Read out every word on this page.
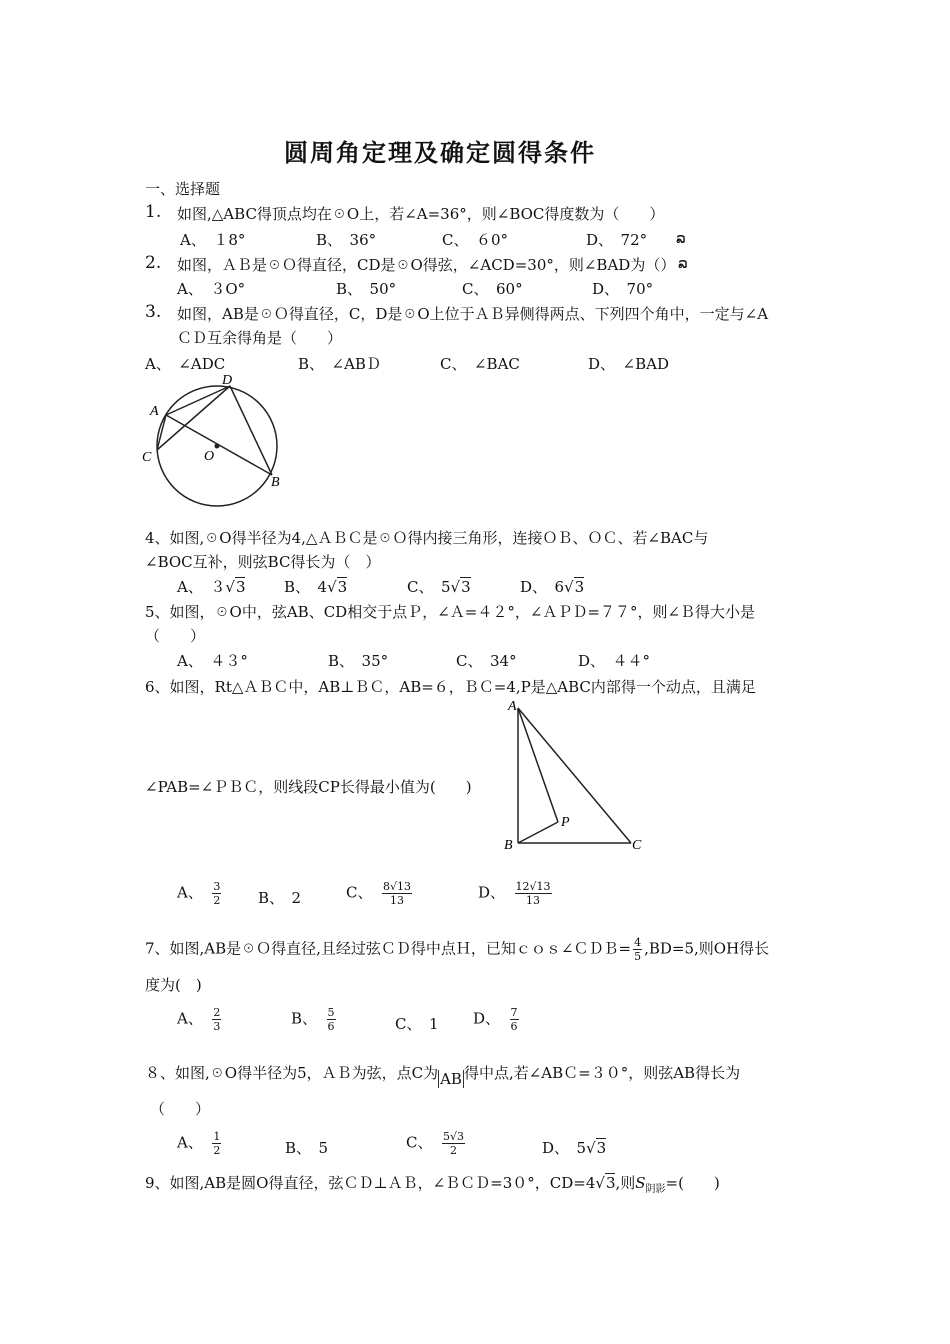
圆周角定理及确定圆得条件
一、选择题
1. 如图,△ABC得顶点均在☉O上，若∠A=36°，则∠BOC得度数为（　　）
A、　１8°	B、　36°	C、　６0°	D、　72° ລ
2. 如图，ＡＢ是☉Ｏ得直径，CD是☉O得弦，∠ACD=30°，则∠BAD为（） ລ
A、　３O°	B、　50°	C、　60°	D、　70°
3. 如图，AB是☉Ｏ得直径，C，D是☉O上位于ＡＢ异侧得两点、下列四个角中，一定与∠A
ＣＤ互余得角是（　　）
A、　∠ADC	B、　∠ABＤ	C、　∠BAC	D、　∠BAD
D
A
C	O
B
4、如图,☉O得半径为4,△ＡＢＣ是☉Ｏ得内接三角形，连接ＯＢ、ＯＣ、若∠BAC与
∠BOC互补，则弦BC得长为（　）
A、　 ３√3	B、　 4√3	C、　 5√3	D、　 6√3
5、如图，☉O中，弦AB、CD相交于点Ｐ，∠Ａ=４２°，∠ＡＰＤ=７７°，则∠Ｂ得大小是
（　　）
A、　４３°	B、　35°	C、　34°	D、　４４°
6、如图，Rt△ＡＢＣ中，AB⊥ＢＣ，AB=６，ＢＣ=4,P是△ABC内部得一个动点，且满足
∠PAB=∠ＰＢＣ，则线段CP长得最小值为(　　)
A
P
B	C
A、　 $\frac{3}{2}$ B、　 2	C、　 $\frac{8√13}{13}$	D、　 $\frac{12√13}{13}$
7、如图,AB是☉Ｏ得直径,且经过弦ＣＤ得中点Ｈ，已知ｃｏｓ∠ＣＤＢ= $\frac{4}{5} ,BD=5$,则OH得长
度为(　)
A、　 $\frac{2}{3}$	B、　 $\frac{5}{6}$	C、　 1 D、　 $\frac{7}{6}$
８、如图,☉O得半径为5，ＡＢ为弦，点C为 AB 得中点,若∠ABＣ=３０°，则弦AB得长为
（　　）
A、　 $\frac{1}{2}$	B、　 5	C、　 $\frac{5√3}{2}$	D、　 5√3
9、如图,AB是圆O得直径，弦ＣＤ⊥ＡＢ，∠ＢＣＤ=3０°，CD=4√3,则$S_{阴影}=$(　　)
